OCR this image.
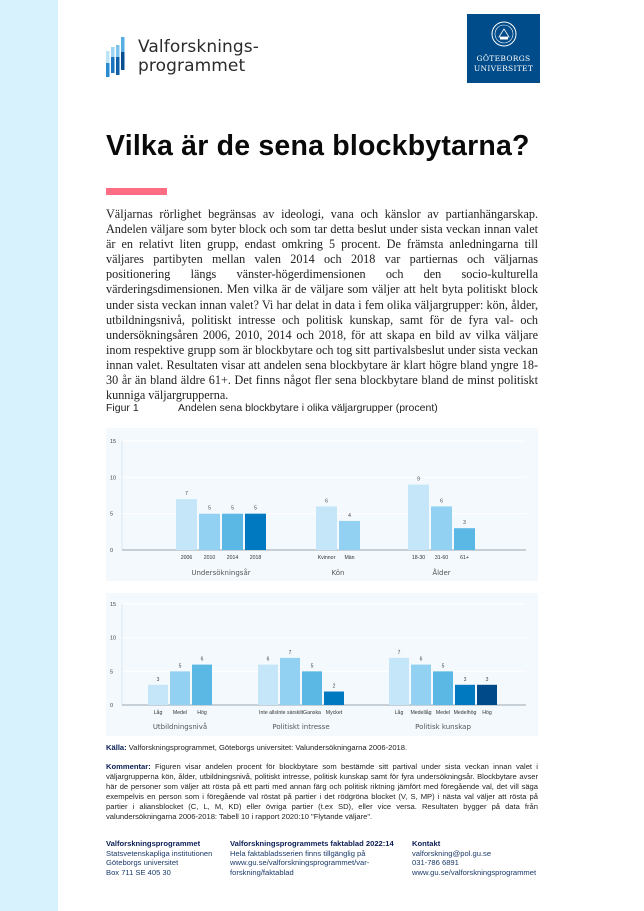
Valforsknings-
programmet	GÖTEBORGS
UNIVERSITET
Vilka är de sena blockbytarna?
Väljarnas rörlighet begränsas av ideologi, vana och känslor av partianhängarskap. Andelen väljare som byter block och som tar detta beslut under sista veckan innan valet är en relativt liten grupp, endast omkring 5 procent. De främsta anledningarna till väljares partibyten mellan valen 2014 och 2018 var partiernas och väljarnas positionering längs vänster-högerdimensionen och den socio-kulturella värderingsdimensionen. Men vilka är de väljare som väljer att helt byta politiskt block under sista veckan innan valet? Vi har delat in data i fem olika väljargrupper: kön, ålder, utbildningsnivå, politiskt intresse och politisk kunskap, samt för de fyra val- och undersökningsåren 2006, 2010, 2014 och 2018, för att skapa en bild av vilka väljare inom respektive grupp som är blockbytare och tog sitt partivalsbeslut under sista veckan innan valet. Resultaten visar att andelen sena blockbytare är klart högre bland yngre 18-30 år än bland äldre 61+. Det finns något fler sena blockbytare bland de minst politiskt kunniga väljargrupperna.
Figur 1	Andelen sena blockbytare i olika väljargrupper (procent)
0
5
10
15
7
2006
5
2010
5
2014
5
2018
Undersökningsår
6
Kvinnor
4
Män
Kön
9
18-30
6
31-60
3
61+
Ålder
0
5
10
15
3
Låg
5
Medel
6
Hög
Utbildningsnivå
6
Inte alls
7
Inte särskilt
5
Ganska
2
Mycket
Politiskt intresse
7
Låg
6
Medellåg
5
Medel
3
Medelhög
3
Hög
Politisk kunskap
Källa: Valforskningsprogrammet, Göteborgs universitet: Valundersökningarna 2006-2018.
Kommentar: Figuren visar andelen procent för blockbytare som bestämde sitt partival under sista veckan innan valet i väljargrupperna kön, ålder, utbildningsnivå, politiskt intresse, politisk kunskap samt för fyra undersökningsår. Blockbytare avser här de personer som väljer att rösta på ett parti med annan färg och politisk riktning jämfört med föregående val, det vill säga exempelvis en person som i föregående val röstat på partier i det rödgröna blocket (V, S, MP) i nästa val väljer att rösta på partier i aliansblocket (C, L, M, KD) eller övriga partier (t.ex SD), eller vice versa. Resultaten bygger på data från valundersökningarna 2006-2018: Tabell 10 i rapport 2020:10 "Flytande väljare".
Valforskningsprogrammet
Statsvetenskapliga institutionen
Göteborgs universitet
Box 711 SE 405 30
Valforskningsprogrammets faktablad 2022:14
Hela faktabladsserien finns tillgänglig på
www.gu.se/valforskningsprogrammet/var-
forskning/faktablad
Kontakt
valforskning@pol.gu.se
031-786 6891
www.gu.se/valforskningsprogrammet
